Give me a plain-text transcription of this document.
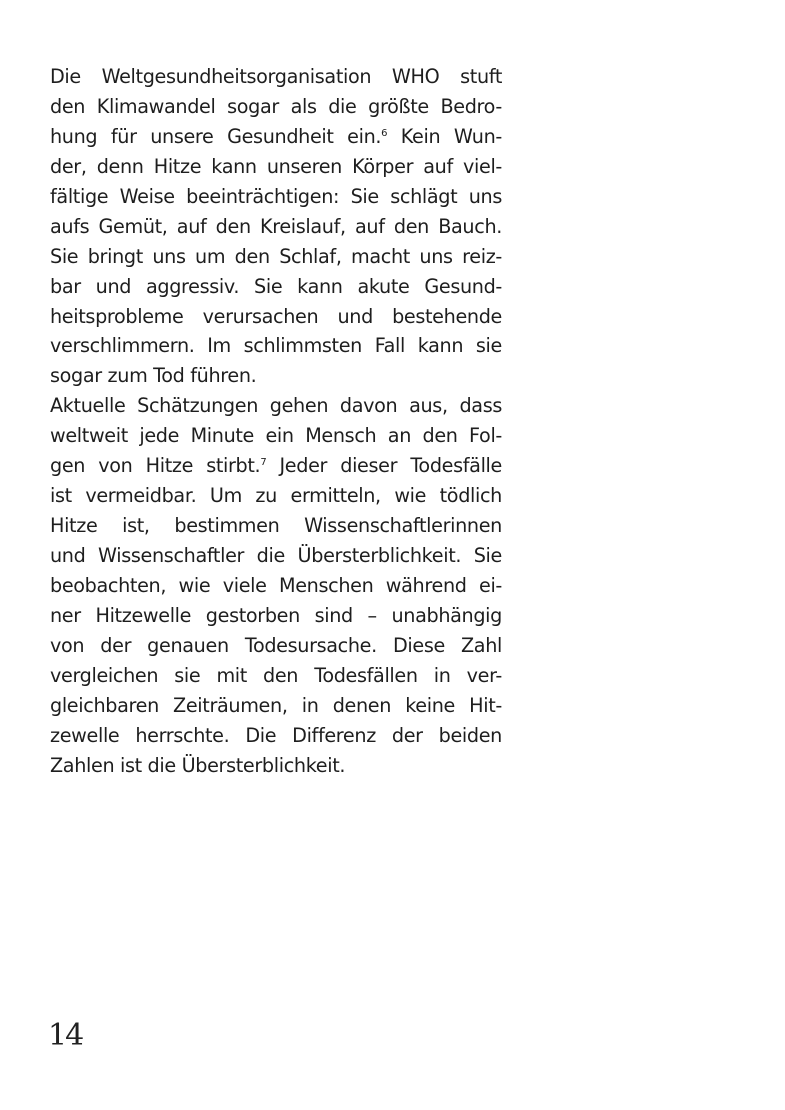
Die Weltgesundheitsorganisation WHO stuft
den Klimawandel sogar als die größte Bedro-
hung für unsere Gesundheit ein.$^6$ Kein Wun-
der, denn Hitze kann unseren Körper auf viel-
fältige Weise beeinträchtigen: Sie schlägt uns
aufs Gemüt, auf den Kreislauf, auf den Bauch.
Sie bringt uns um den Schlaf, macht uns reiz-
bar und aggressiv. Sie kann akute Gesund-
heitsprobleme verursachen und bestehende
verschlimmern. Im schlimmsten Fall kann sie
sogar zum Tod führen.
Aktuelle Schätzungen gehen davon aus, dass
weltweit jede Minute ein Mensch an den Fol-
gen von Hitze stirbt.$^7$ Jeder dieser Todesfälle
ist vermeidbar. Um zu ermitteln, wie tödlich
Hitze ist, bestimmen Wissenschaftlerinnen
und Wissenschaftler die Übersterblichkeit. Sie
beobachten, wie viele Menschen während ei-
ner Hitzewelle gestorben sind – unabhängig
von der genauen Todesursache. Diese Zahl
vergleichen sie mit den Todesfällen in ver-
gleichbaren Zeiträumen, in denen keine Hit-
zewelle herrschte. Die Differenz der beiden
Zahlen ist die Übersterblichkeit.
14
